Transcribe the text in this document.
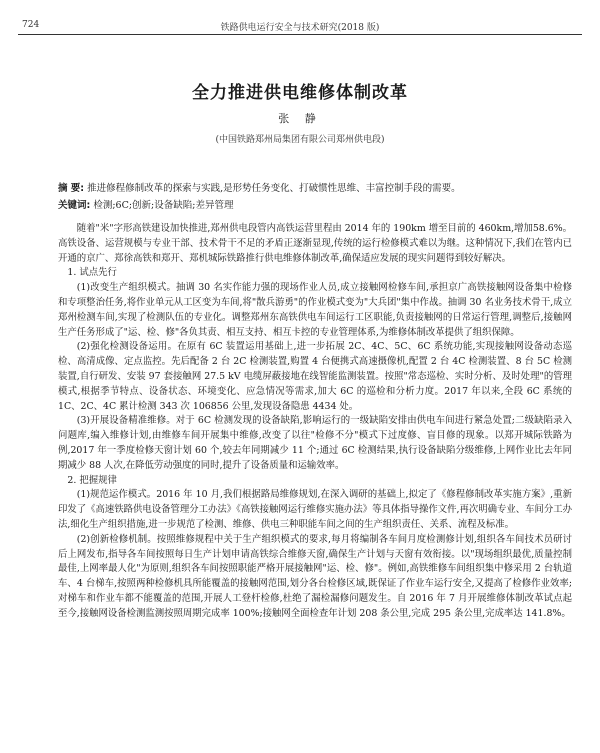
724	铁路供电运行安全与技术研究(2018 版)
全力推进供电维修体制改革
张 静
(中国铁路郑州局集团有限公司郑州供电段)

摘 要: 推进修程修制改革的探索与实践,是形势任务变化、打破惯性思维、丰富控制手段的需要。

关键词: 检测;6C;创新;设备缺陷;差异管理

随着"米"字形高铁建设加快推进,郑州供电段管内高铁运营里程由 2014 年的 190km 增至目前的 460km,增加58.6%。高铁设备、运营规模与专业干部、技术骨干不足的矛盾正逐渐显现,传统的运行检修模式难以为继。这种情况下,我们在管内已开通的京广、郑徐高铁和郑开、郑机城际铁路推行供电维修体制改革,确保适应发展的现实问题得到较好解决。

1. 试点先行

(1)改变生产组织模式。抽调 30 名实作能力强的现场作业人员,成立接触网检修车间,承担京广高铁接触网设备集中检修和专项整治任务,将作业单元从工区变为车间,将"散兵游勇"的作业模式变为"大兵团"集中作战。抽调 30 名业务技术骨干,成立郑州检测车间,实现了检测队伍的专业化。调整郑州东高铁供电车间运行工区职能,负责接触网的日常运行管理,调整后,接触网生产任务形成了"运、检、修"各负其责、相互支持、相互卡控的专业管理体系,为维修体制改革提供了组织保障。

(2)强化检测设备运用。在原有 6C 装置运用基础上,进一步拓展 2C、4C、5C、6C 系统功能,实现接触网设备动态巡检、高清成像、定点监控。先后配备 2 台 2C 检测装置,购置 4 台便携式高速摄像机,配置 2 台 4C 检测装置、8 台 5C 检测装置,自行研发、安装 97 套接触网 27.5 kV 电缆屏蔽接地在线智能监测装置。按照"常态巡检、实时分析、及时处理"的管理模式,根据季节特点、设备状态、环境变化、应急情况等需求,加大 6C 的巡检和分析力度。2017 年以来,全段 6C 系统的 1C、2C、4C 累计检测 343 次 106856 公里,发现设备隐患 4434 处。

(3)开展设备精准维修。对于 6C 检测发现的设备缺陷,影响运行的一级缺陷安排由供电车间进行紧急处置;二级缺陷录入问题库,编入维修计划,由维修车间开展集中维修,改变了以往"检修不分"模式下过度修、盲目修的现象。以郑开城际铁路为例,2017 年一季度检修天窗计划 60 个,较去年同期减少 11 个;通过 6C 检测结果,执行设备缺陷分级维修,上网作业比去年同期减少 88 人次,在降低劳动强度的同时,提升了设备质量和运输效率。

2. 把握规律

(1)规范运作模式。2016 年 10 月,我们根据路局维修规划,在深入调研的基础上,拟定了《修程修制改革实施方案》,重新印发了《高速铁路供电设备管理分工办法》《高铁接触网运行维修实施办法》等具体指导操作文件,再次明确专业、车间分工办法,细化生产组织措施,进一步规范了检测、维修、供电三种职能车间之间的生产组织责任、关系、流程及标准。

(2)创新检修机制。按照维修规程中关于生产组织模式的要求,每月将编制各车间月度检测修计划,组织各车间技术员研讨后上网发布,指导各车间按照每日生产计划申请高铁综合维修天窗,确保生产计划与天窗有效衔接。以"现场组织最优,质量控制最佳,上网率最人化"为原则,组织各车间按照职能严格开展接触网"运、检、修"。例如,高铁维修车间组织集中修采用 2 台轨道车、4 台梯车,按照两种检修机具所能覆盖的接触网范围,划分各台检修区域,既保证了作业车运行安全,又提高了检修作业效率;对梯车和作业车都不能覆盖的范围,开展人工登杆检修,杜绝了漏检漏修问题发生。自 2016 年 7 月开展维修体制改革试点起至今,接触网设备检测监测按照周期完成率 100%;接触网全面检查年计划 208 条公里,完成 295 条公里,完成率达 141.8%。
